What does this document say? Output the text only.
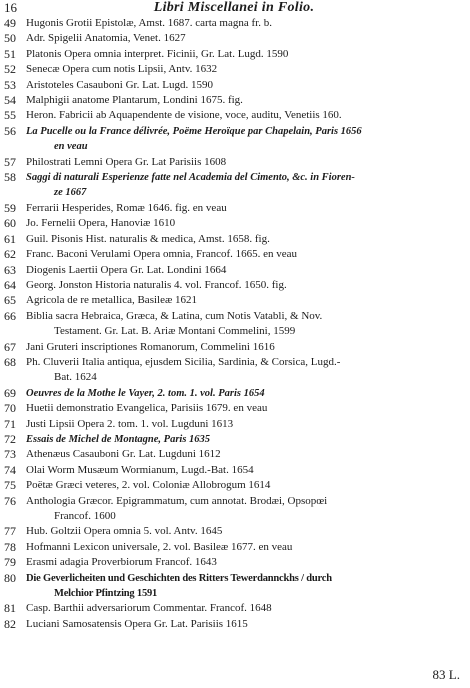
16	Libri Miscellanei in Folio.
49 Hugonis Grotii Epistolæ, Amst. 1687. carta magna fr. b.
50 Adr. Spigelii Anatomia, Venet. 1627
51 Platonis Opera omnia interpret. Ficinii, Gr. Lat. Lugd. 1590
52 Senecæ Opera cum notis Lipsii, Antv. 1632
53 Aristoteles Casauboni Gr. Lat. Lugd. 1590
54 Malphigii anatome Plantarum, Londini 1675. fig.
55 Heron. Fabricii ab Aquapendente de visione, voce, auditu, Venetiis 160.
56 La Pucelle ou la France délivrée, Poëme Heroïque par Chapelain, Paris 1656
en veau
57 Philostrati Lemni Opera Gr. Lat Parisiis 1608
58 Saggi di naturali Esperienze fatte nel Academia del Cimento, &c. in Fioren-
ze 1667
59 Ferrarii Hesperides, Romæ 1646. fig. en veau
60 Jo. Fernelii Opera, Hanoviæ 1610
61 Guil. Pisonis Hist. naturalis & medica, Amst. 1658. fig.
62 Franc. Baconi Verulami Opera omnia, Francof. 1665. en veau
63 Diogenis Laertii Opera Gr. Lat. Londini 1664
64 Georg. Jonston Historia naturalis 4. vol. Francof. 1650. fig.
65 Agricola de re metallica, Basileæ 1621
66 Biblia sacra Hebraica, Græca, & Latina, cum Notis Vatabli, & Nov.
Testament. Gr. Lat. B. Ariæ Montani Commelini, 1599
67 Jani Gruteri inscriptiones Romanorum, Commelini 1616
68 Ph. Cluverii Italia antiqua, ejusdem Sicilia, Sardinia, & Corsica, Lugd.-
Bat. 1624
69 Oeuvres de la Mothe le Vayer, 2. tom. 1. vol. Paris 1654
70 Huetii demonstratio Evangelica, Parisiis 1679. en veau
71 Justi Lipsii Opera 2. tom. 1. vol. Lugduni 1613
72 Essais de Michel de Montagne, Paris 1635
73 Athenæus Casauboni Gr. Lat. Lugduni 1612
74 Olai Worm Musæum Wormianum, Lugd.-Bat. 1654
75 Poëtæ Græci veteres, 2. vol. Coloniæ Allobrogum 1614
76 Anthologia Græcor. Epigrammatum, cum annotat. Brodæi, Opsopœi
Francof. 1600
77 Hub. Goltzii Opera omnia 5. vol. Antv. 1645
78 Hofmanni Lexicon universale, 2. vol. Basileæ 1677. en veau
79 Erasmi adagia Proverbiorum Francof. 1643
80 Die Geverlicheiten und Geschichten des Ritters Tewerdannckhs / durch
Melchior Pfintzing 1591
81 Casp. Barthii adversariorum Commentar. Francof. 1648
82 Luciani Samosatensis Opera Gr. Lat. Parisiis 1615
83 L.
